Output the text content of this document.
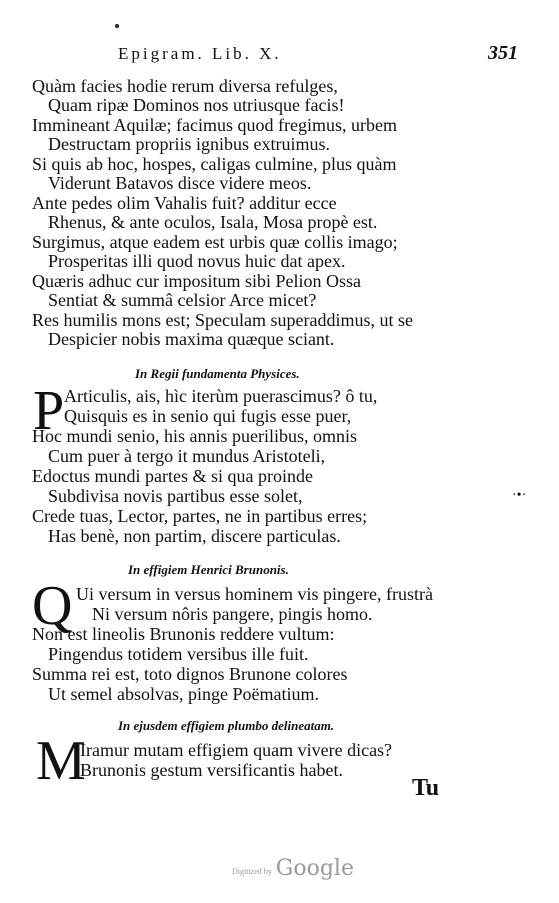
Epigram. Lib. X.	351
Quàm facies hodie rerum diversa refulges,
Quam ripæ Dominos nos utriusque facis!
Immineant Aquilæ; facimus quod fregimus, urbem
Destructam propriis ignibus extruimus.
Si quis ab hoc, hospes, caligas culmine, plus quàm
Viderunt Batavos disce videre meos.
Ante pedes olim Vahalis fuit? additur ecce
Rhenus, & ante oculos, Isala, Mosa propè est.
Surgimus, atque eadem est urbis quæ collis imago;
Prosperitas illi quod novus huic dat apex.
Quæris adhuc cur impositum sibi Pelion Ossa
Sentiat & summâ celsior Arce micet?
Res humilis mons est; Speculam superaddimus, ut se
Despicier nobis maxima quæque sciant.
In Regii fundamenta Physices.
P Articulis, ais, hìc iterùm puerascimus? ô tu,
Quisquis es in senio qui fugis esse puer,
Hoc mundi senio, his annis puerilibus, omnis
Cum puer à tergo it mundus Aristoteli,
Edoctus mundi partes & si qua proinde
Subdivisa novis partibus esse solet,
Crede tuas, Lector, partes, ne in partibus erres;
Has benè, non partim, discere particulas.
In effigiem Henrici Brunonis.
Q Ui versum in versus hominem vis pingere, frustrà
Ni versum nôris pangere, pingis homo.
Non est lineolis Brunonis reddere vultum:
Pingendus totidem versibus ille fuit.
Summa rei est, toto dignos Brunone colores
Ut semel absolvas, pinge Poëmatium.
In ejusdem effigiem plumbo delineatam.
M
Iramur mutam effigiem quam vivere dicas?
Brunonis gestum versificantis habet.
Tu
·•·
Digitized by Google
